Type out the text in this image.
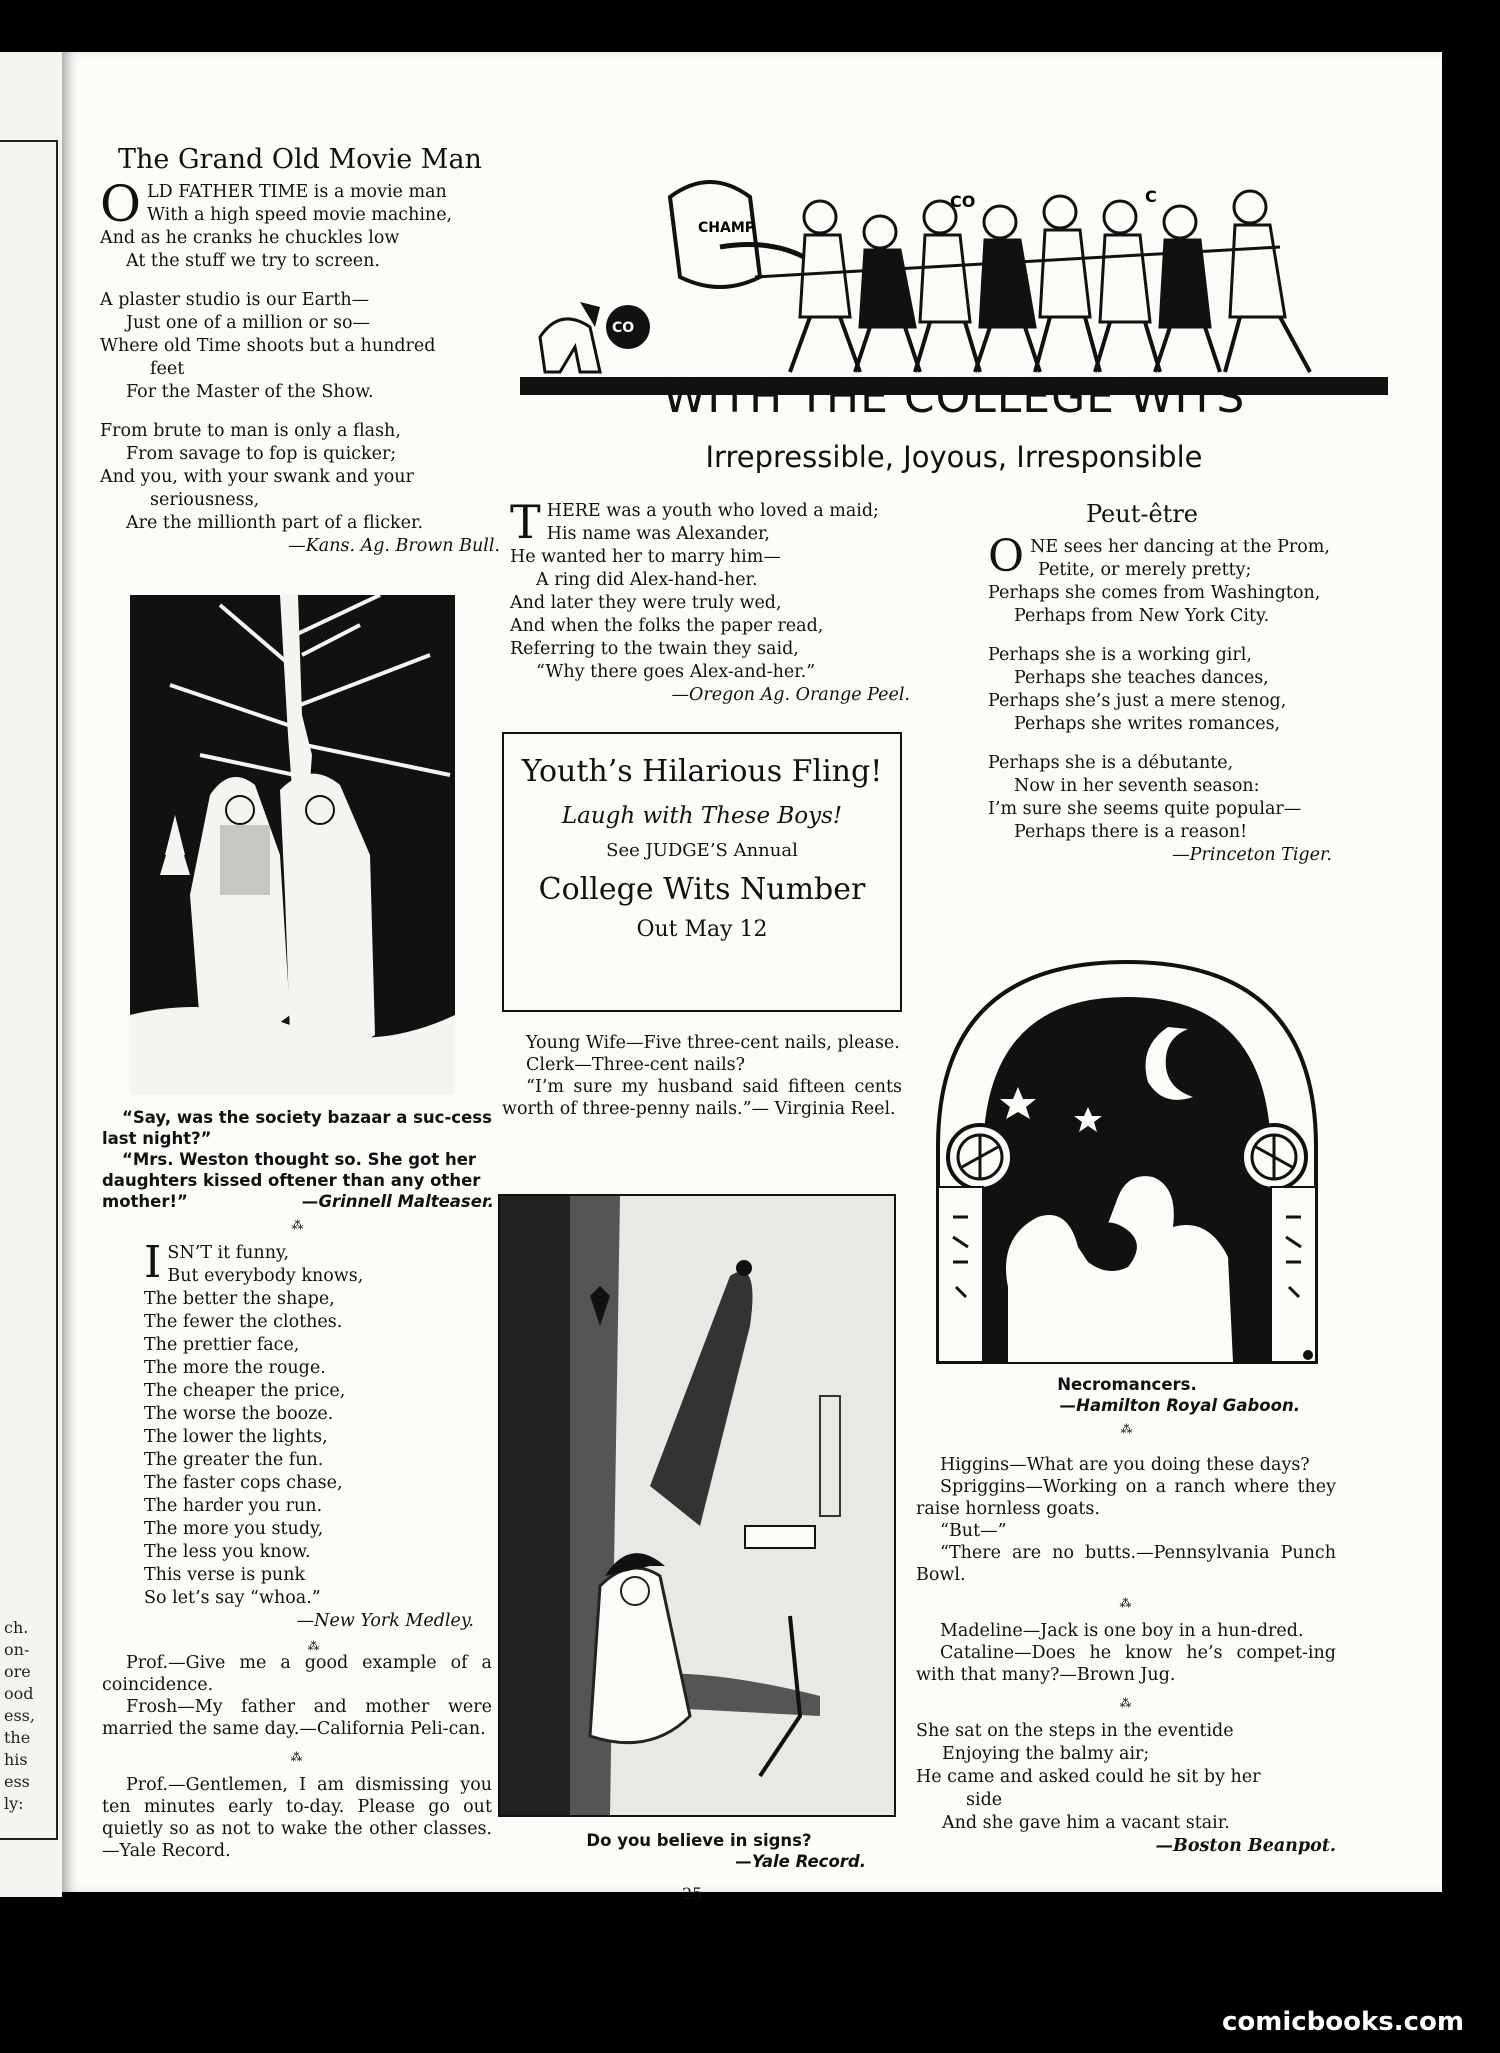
ch.
on-
ore
ood
ess,
the
his
ess
ly:
The Grand Old Movie Man
O LD FATHER TIME is a movie man
With a high speed movie machine,
And as he cranks he chuckles low
At the stuff we try to screen.
A plaster studio is our Earth—
Just one of a million or so—
Where old Time shoots but a hundred
feet
For the Master of the Show.
From brute to man is only a flash,
From savage to fop is quicker;
And you, with your swank and your
seriousness,
Are the millionth part of a flicker.
—Kans. Ag. Brown Bull.
“Say, was the society bazaar a suc-cess last night?”
“Mrs. Weston thought so. She got her daughters kissed oftener than any other mother!”	—Grinnell Malteaser.
⁂
I SN’T it funny,
But everybody knows,
The better the shape,
The fewer the clothes.
The prettier face,
The more the rouge.
The cheaper the price,
The worse the booze.
The lower the lights,
The greater the fun.
The faster cops chase,
The harder you run.
The more you study,
The less you know.
This verse is punk
So let’s say “whoa.”
—New York Medley.
⁂

Prof.—Give me a good example of a coincidence.

Frosh—My father and mother were married the same day.—California Peli-can.

⁂

Prof.—Gentlemen, I am dismissing you ten minutes early to-day. Please go out quietly so as not to wake the other classes.—Yale Record.

CHAMP
CO
CO	C
WITH THE COLLEGE WITS
Irrepressible, Joyous, Irresponsible
T HERE was a youth who loved a maid;
His name was Alexander,
He wanted her to marry him—
A ring did Alex-hand-her.
And later they were truly wed,
And when the folks the paper read,
Referring to the twain they said,
“Why there goes Alex-and-her.”
—Oregon Ag. Orange Peel.
Youth’s Hilarious Fling!
Laugh with These Boys!
See JUDGE’S Annual
College Wits Number
Out May 12

Young Wife—Five three-cent nails, please.

Clerk—Three-cent nails?

“I’m sure my husband said fifteen cents worth of three-penny nails.”— Virginia Reel.

Do you believe in signs?
—Yale Record.
Peut-être
O NE sees her dancing at the Prom,
Petite, or merely pretty;
Perhaps she comes from Washington,
Perhaps from New York City.
Perhaps she is a working girl,
Perhaps she teaches dances,
Perhaps she’s just a mere stenog,
Perhaps she writes romances,
Perhaps she is a débutante,
Now in her seventh season:
I’m sure she seems quite popular—
Perhaps there is a reason!
—Princeton Tiger.
Necromancers.
—Hamilton Royal Gaboon.
⁂

Higgins—What are you doing these days?

Spriggins—Working on a ranch where they raise hornless goats.

“But—”

“There are no butts.—Pennsylvania Punch Bowl.

⁂

Madeline—Jack is one boy in a hun-dred.

Cataline—Does he know he’s compet-ing with that many?—Brown Jug.

⁂
She sat on the steps in the eventide
Enjoying the balmy air;
He came and asked could he sit by her
side
And she gave him a vacant stair.
—Boston Beanpot.
25
comicbooks.com
